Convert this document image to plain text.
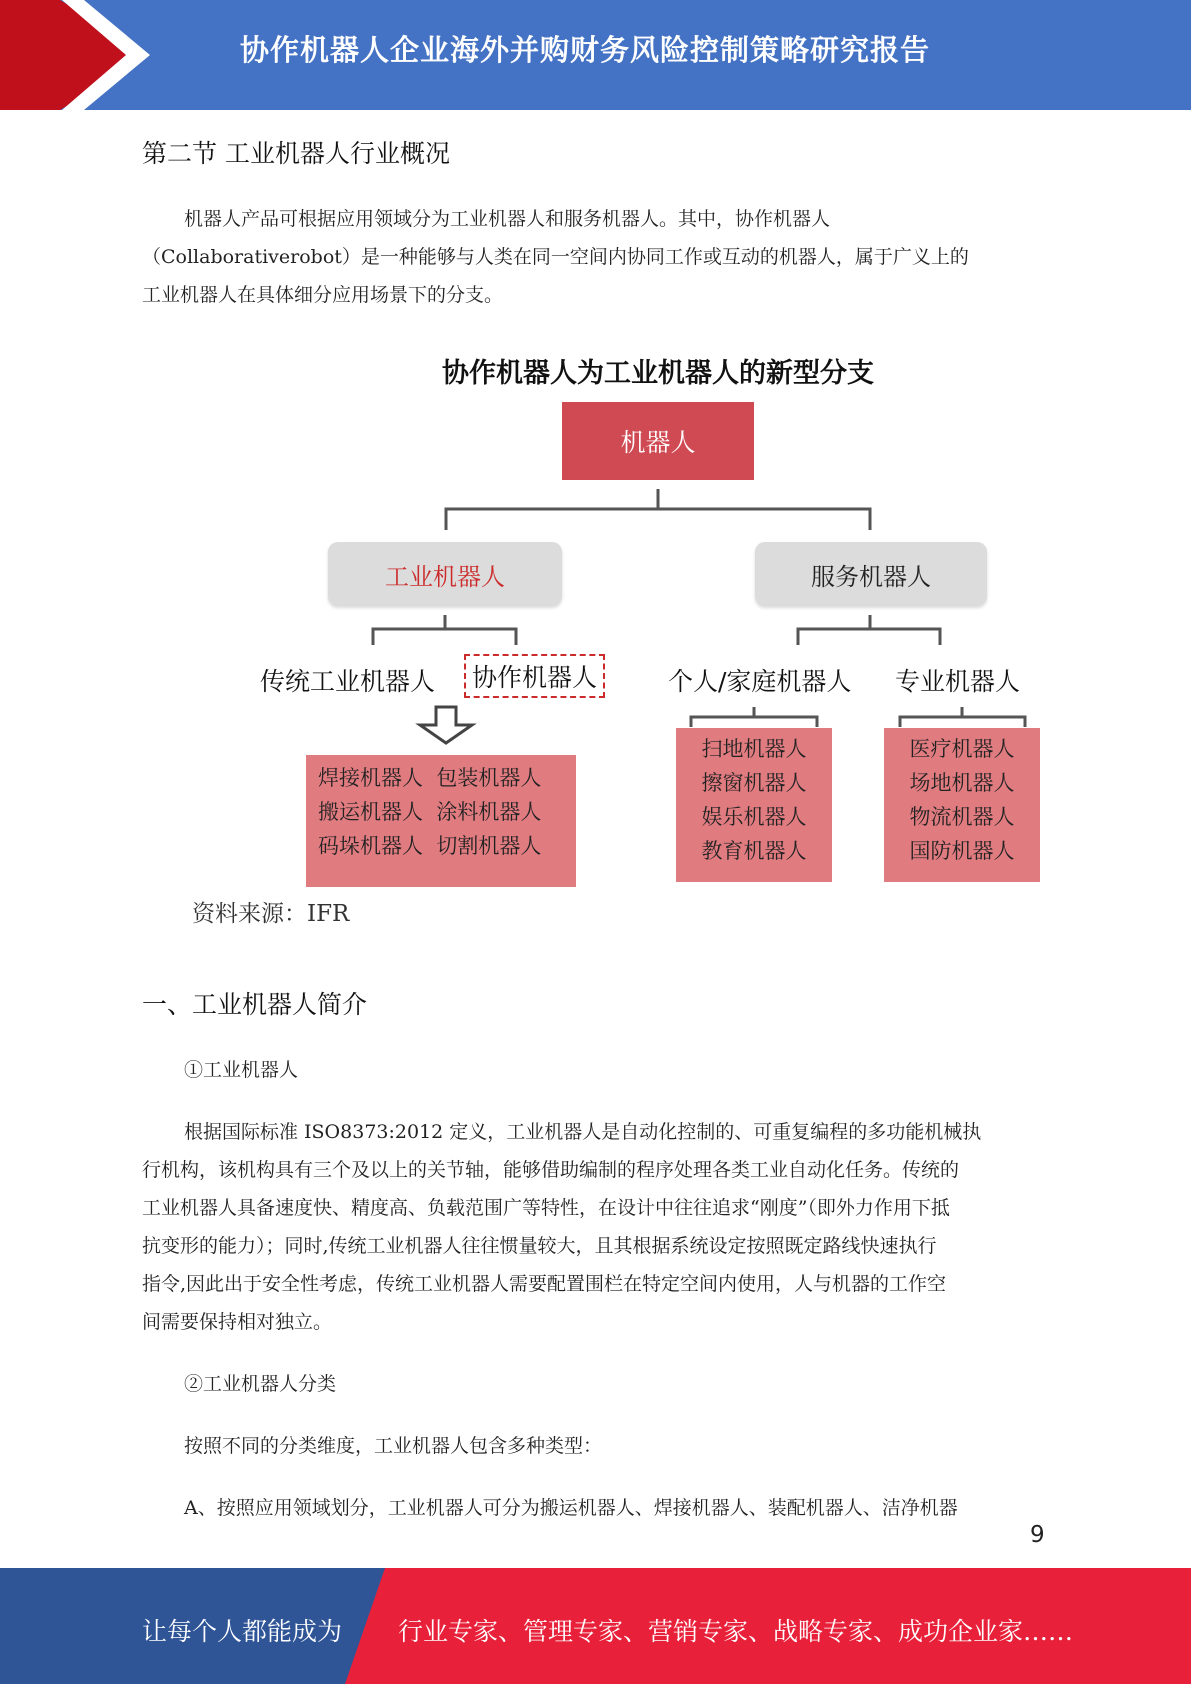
协作机器人企业海外并购财务风险控制策略研究报告
第二节 工业机器人行业概况
机器人产品可根据应用领域分为工业机器人和服务机器人。其中，协作机器人
（Collaborativerobot）是一种能够与人类在同一空间内协同工作或互动的机器人，属于广义上的
工业机器人在具体细分应用场景下的分支。
协作机器人为工业机器人的新型分支
机器人
工业机器人	服务机器人
传统工业机器人	协作机器人	个人/家庭机器人 专业机器人
焊接机器人 包装机器人
搬运机器人 涂料机器人
码垛机器人 切割机器人
扫地机器人
擦窗机器人
娱乐机器人
教育机器人
医疗机器人
场地机器人
物流机器人
国防机器人
资料来源：IFR
一、工业机器人简介
①工业机器人
根据国际标准 ISO8373:2012 定义，工业机器人是自动化控制的、可重复编程的多功能机械执
行机构，该机构具有三个及以上的关节轴，能够借助编制的程序处理各类工业自动化任务。传统的
工业机器人具备速度快、精度高、负载范围广等特性，在设计中往往追求“刚度”（即外力作用下抵
抗变形的能力）；同时,传统工业机器人往往惯量较大，且其根据系统设定按照既定路线快速执行
指令,因此出于安全性考虑，传统工业机器人需要配置围栏在特定空间内使用，人与机器的工作空
间需要保持相对独立。
②工业机器人分类
按照不同的分类维度，工业机器人包含多种类型：
A、按照应用领域划分，工业机器人可分为搬运机器人、焊接机器人、装配机器人、洁净机器
9
让每个人都能成为 行业专家、管理专家、营销专家、战略专家、成功企业家……
